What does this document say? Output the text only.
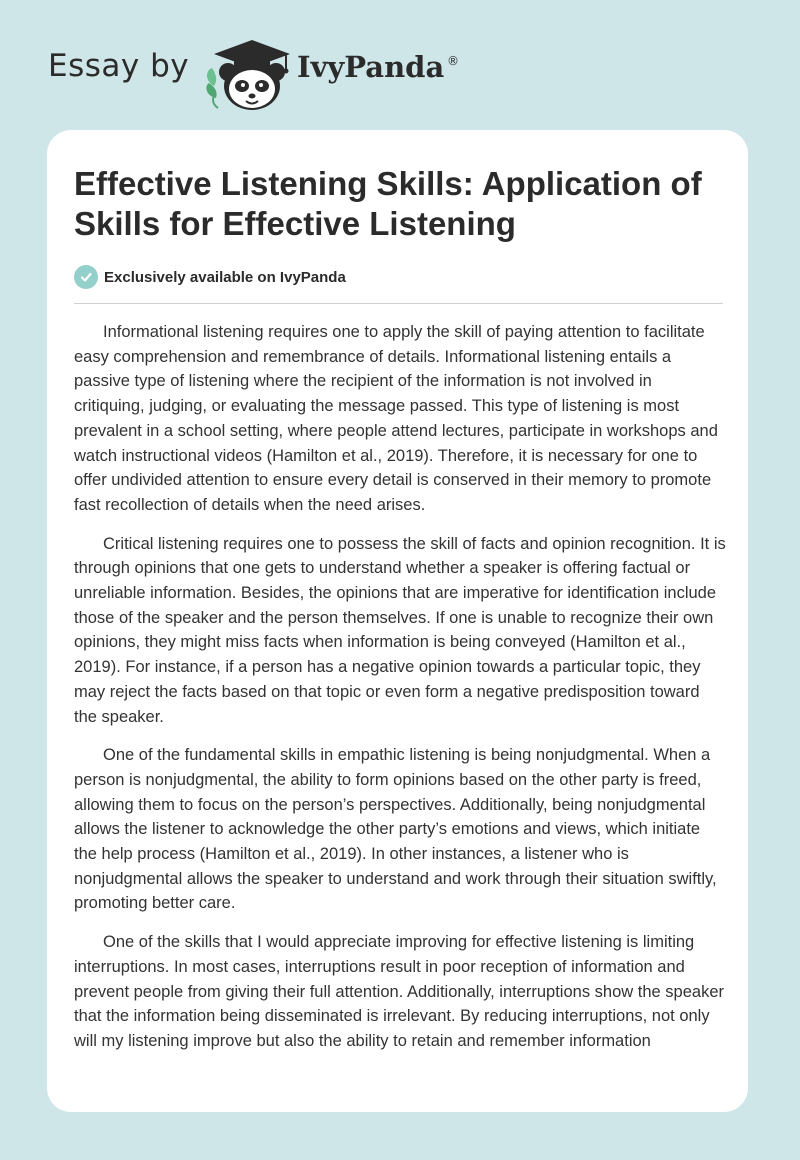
Essay by	IvyPanda ®
Effective Listening Skills: Application of Skills for Effective Listening
Exclusively available on IvyPanda

Informational listening requires one to apply the skill of paying attention to facilitate easy comprehension and remembrance of details. Informational listening entails a passive type of listening where the recipient of the information is not involved in critiquing, judging, or evaluating the message passed. This type of listening is most prevalent in a school setting, where people attend lectures, participate in workshops and watch instructional videos (Hamilton et al., 2019). Therefore, it is necessary for one to offer undivided attention to ensure every detail is conserved in their memory to promote fast recollection of details when the need arises.

Critical listening requires one to possess the skill of facts and opinion recognition. It is through opinions that one gets to understand whether a speaker is offering factual or unreliable information. Besides, the opinions that are imperative for identification include those of the speaker and the person themselves. If one is unable to recognize their own opinions, they might miss facts when information is being conveyed (Hamilton et al., 2019). For instance, if a person has a negative opinion towards a particular topic, they may reject the facts based on that topic or even form a negative predisposition toward the speaker.

One of the fundamental skills in empathic listening is being nonjudgmental. When a person is nonjudgmental, the ability to form opinions based on the other party is freed, allowing them to focus on the person’s perspectives. Additionally, being nonjudgmental allows the listener to acknowledge the other party’s emotions and views, which initiate the help process (Hamilton et al., 2019). In other instances, a listener who is nonjudgmental allows the speaker to understand and work through their situation swiftly, promoting better care.

One of the skills that I would appreciate improving for effective listening is limiting interruptions. In most cases, interruptions result in poor reception of information and prevent people from giving their full attention. Additionally, interruptions show the speaker that the information being disseminated is irrelevant. By reducing interruptions, not only will my listening improve but also the ability to retain and remember information
